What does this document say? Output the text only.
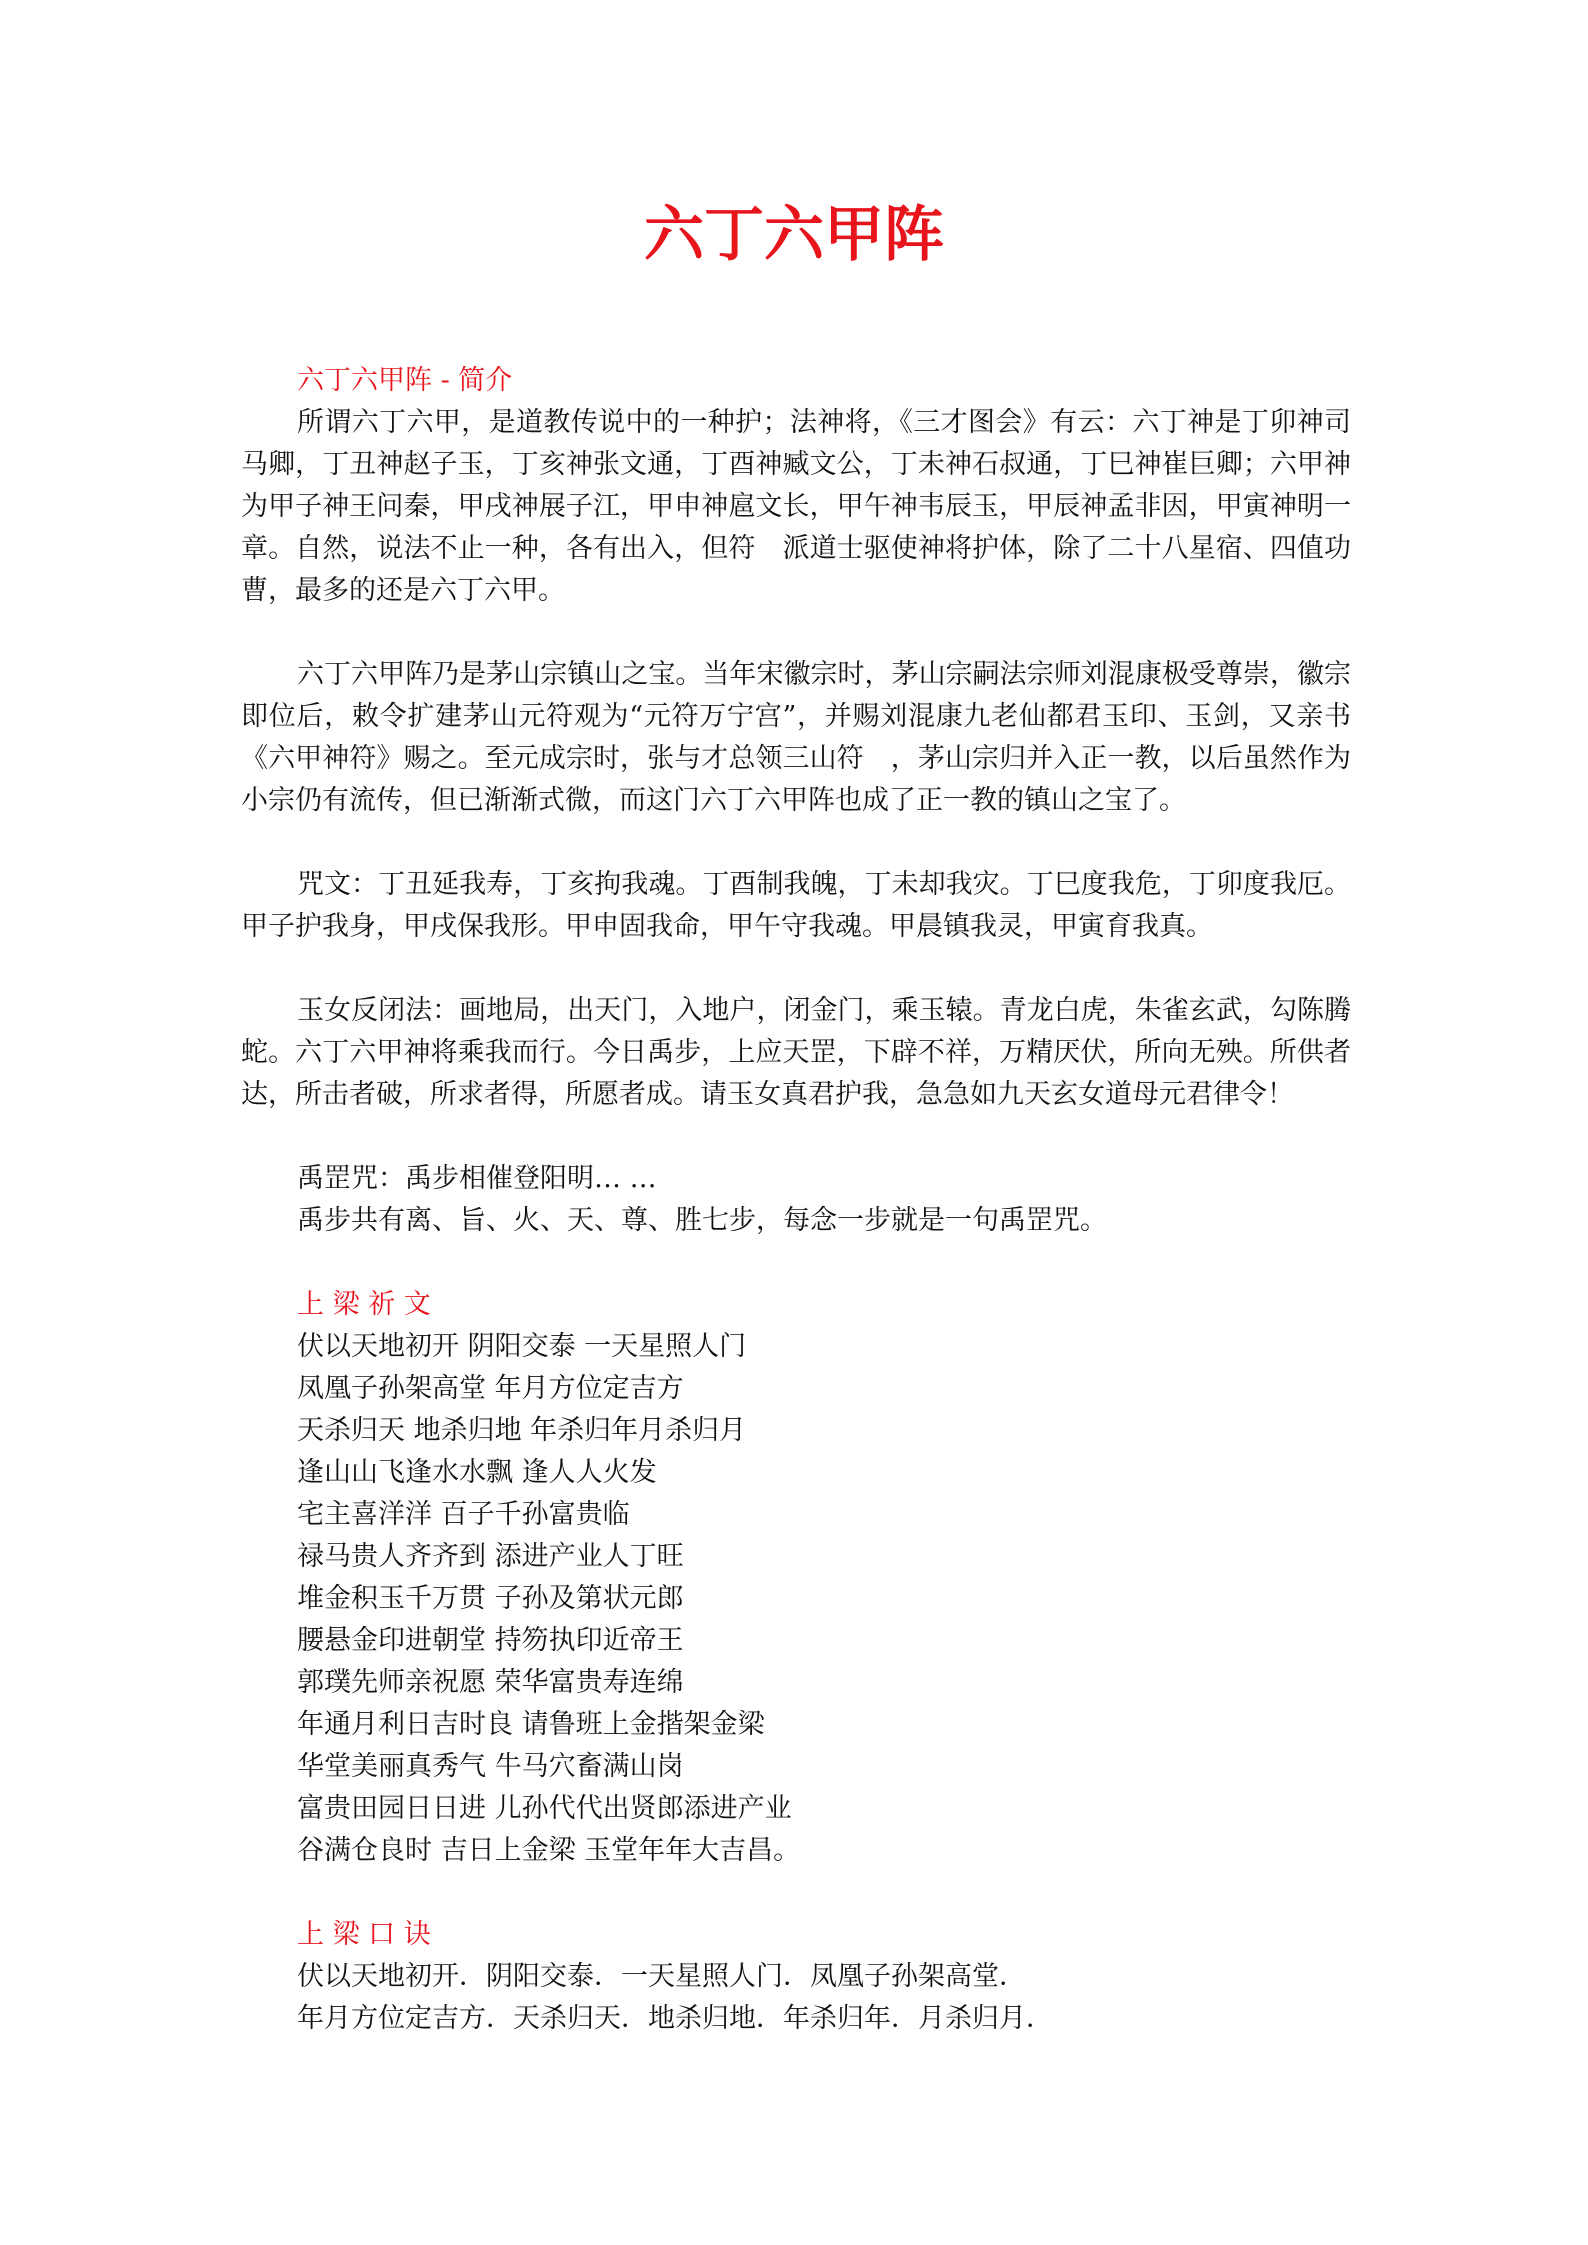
六丁六甲阵

六丁六甲阵 - 简介

所谓六丁六甲，是道教传说中的一种护；法神将，《三才图会》有云：六丁神是丁卯神司马卿，丁丑神赵子玉，丁亥神张文通，丁酉神臧文公，丁未神石叔通，丁巳神崔巨卿；六甲神为甲子神王问秦，甲戌神展子江，甲申神扈文长，甲午神韦辰玉，甲辰神孟非因，甲寅神明一章。自然，说法不止一种，各有出入，但符　派道士驱使神将护体，除了二十八星宿、四值功曹，最多的还是六丁六甲。

六丁六甲阵乃是茅山宗镇山之宝。当年宋徽宗时，茅山宗嗣法宗师刘混康极受尊崇，徽宗即位后，敕令扩建茅山元符观为“元符万宁宫”，并赐刘混康九老仙都君玉印、玉剑，又亲书《六甲神符》赐之。至元成宗时，张与才总领三山符　，茅山宗归并入正一教，以后虽然作为小宗仍有流传，但已渐渐式微，而这门六丁六甲阵也成了正一教的镇山之宝了。

咒文：丁丑延我寿，丁亥拘我魂。丁酉制我魄，丁未却我灾。丁巳度我危，丁卯度我厄。甲子护我身，甲戌保我形。甲申固我命，甲午守我魂。甲晨镇我灵，甲寅育我真。

玉女反闭法：画地局，出天门，入地户，闭金门，乘玉辕。青龙白虎，朱雀玄武，勾陈腾蛇。六丁六甲神将乘我而行。今日禹步，上应天罡，下辟不祥，万精厌伏，所向无殃。所供者达，所击者破，所求者得，所愿者成。请玉女真君护我，急急如九天玄女道母元君律令！

禹罡咒：禹步相催登阳明… …

禹步共有离、旨、火、天、尊、胜七步，每念一步就是一句禹罡咒。

上 梁 祈 文

伏以天地初开 阴阳交泰 一天星照人门

凤凰子孙架高堂 年月方位定吉方

天杀归天 地杀归地 年杀归年月杀归月

逢山山飞逢水水飘 逢人人火发

宅主喜洋洋 百子千孙富贵临

禄马贵人齐齐到 添进产业人丁旺

堆金积玉千万贯 子孙及第状元郎

腰悬金印进朝堂 持笏执印近帝王

郭璞先师亲祝愿 荣华富贵寿连绵

年通月利日吉时良 请鲁班上金揩架金梁

华堂美丽真秀气 牛马穴畜满山岗

富贵田园日日进 儿孙代代出贤郎添进产业

谷满仓良时 吉日上金梁 玉堂年年大吉昌。

上 梁 口 诀

伏以天地初开．阴阳交泰．一天星照人门．凤凰子孙架高堂．

年月方位定吉方．天杀归天．地杀归地．年杀归年．月杀归月．
